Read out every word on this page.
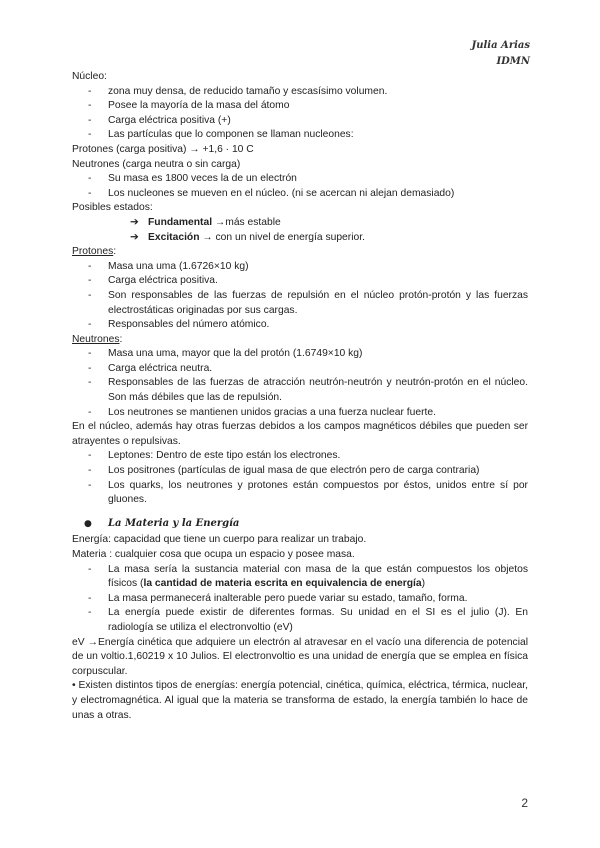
Julia Arias
IDMN

Núcleo:

- zona muy densa, de reducido tamaño y escasísimo volumen.
- Posee la mayoría de la masa del átomo
- Carga eléctrica positiva (+)
- Las partículas que lo componen se llaman nucleones:

Protones (carga positiva) → +1,6 · 10 C

Neutrones (carga neutra o sin carga)

- Su masa es 1800 veces la de un electrón
- Los nucleones se mueven en el núcleo. (ni se acercan ni alejan demasiado)

Posibles estados:

➔ Fundamental →más estable
➔ Excitación → con un nivel de energía superior.

Protones:

- Masa una uma (1.6726×10 kg)
- Carga eléctrica positiva.
- Son responsables de las fuerzas de repulsión en el núcleo protón-protón y las fuerzas electrostáticas originadas por sus cargas.
- Responsables del número atómico.

Neutrones:

- Masa una uma, mayor que la del protón (1.6749×10 kg)
- Carga eléctrica neutra.
- Responsables de las fuerzas de atracción neutrón-neutrón y neutrón-protón en el núcleo. Son más débiles que las de repulsión.
- Los neutrones se mantienen unidos gracias a una fuerza nuclear fuerte.

En el núcleo, además hay otras fuerzas debidos a los campos magnéticos débiles que pueden ser atrayentes o repulsivas.

- Leptones: Dentro de este tipo están los electrones.
- Los positrones (partículas de igual masa de que electrón pero de carga contraria)
- Los quarks, los neutrones y protones están compuestos por éstos, unidos entre sí por gluones.
● La Materia y la Energía

Energía: capacidad que tiene un cuerpo para realizar un trabajo.

Materia : cualquier cosa que ocupa un espacio y posee masa.

- La masa sería la sustancia material con masa de la que están compuestos los objetos físicos (la cantidad de materia escrita en equivalencia de energía)
- La masa permanecerá inalterable pero puede variar su estado, tamaño, forma.
- La energía puede existir de diferentes formas. Su unidad en el SI es el julio (J). En radiología se utiliza el electronvoltio (eV)

eV →Energía cinética que adquiere un electrón al atravesar en el vacío una diferencia de potencial de un voltio.1,60219 x 10 Julios. El electronvoltio es una unidad de energía que se emplea en física corpuscular.

• Existen distintos tipos de energías: energía potencial, cinética, química, eléctrica, térmica, nuclear, y electromagnética. Al igual que la materia se transforma de estado, la energía también lo hace de unas a otras.

2
